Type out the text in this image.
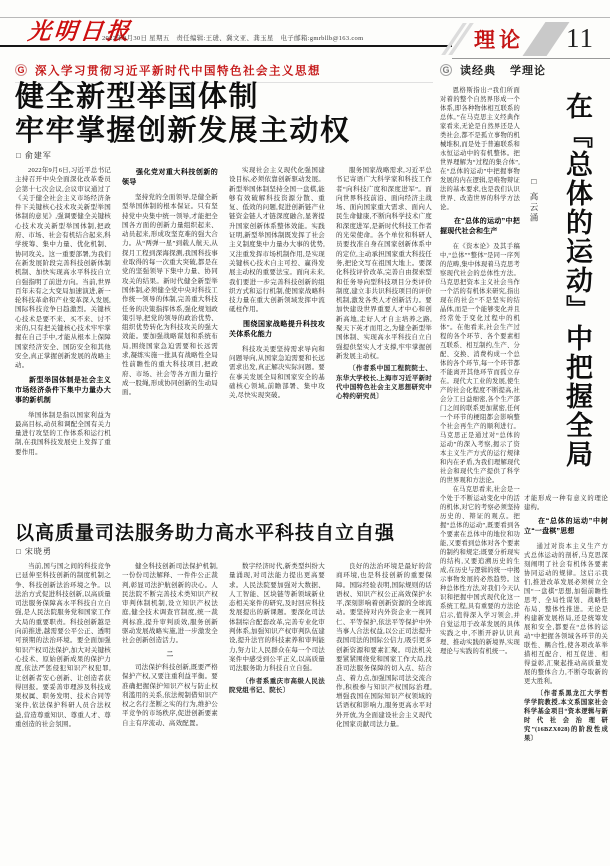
光明日报
2022年9月30日 星期五　责任编辑:王琎、冀文亚、龚玉星　电子邮箱:gmrbllb@163.com	理论 11
G 深入学习贯彻习近平新时代中国特色社会主义思想
健全新型举国体制
牢牢掌握创新发展主动权
□ 俞建军

2022年9月6日,习近平总书记主持召开中央全面深化改革委员会第十七次会议,会议审议通过了《关于健全社会主义市场经济条件下关键核心技术攻关新型举国体制的意见》,强调要健全关键核心技术攻关新型举国体制,把政府、市场、社会有机结合起来,科学统筹、集中力量、优化机制、协同攻关。这一重要部署,为我们在新发展阶段完善科技创新体制机制、加快实现高水平科技自立自强指明了前进方向。当前,世界百年未有之大变局加速演进,新一轮科技革命和产业变革深入发展,国际科技竞争日趋激烈。关键核心技术是要不来、买不来、讨不来的,只有把关键核心技术牢牢掌握在自己手中,才能从根本上保障国家经济安全、国防安全和其他安全,真正掌握创新发展的战略主动。

新型举国体制是社会主义市场经济条件下集中力量办大事的新机制

举国体制是指以国家利益为最高目标,动员和调配全国有关力量进行攻坚的工作体系和运行机制,在我国科技发展史上发挥了重要作用。

强化党对重大科技创新的领导

坚持党的全面领导,是健全新型举国体制的根本保证。只有坚持党中央集中统一领导,才能把全国各方面的创新力量组织起来、动员起来,形成攻坚克难的强大合力。从“两弹一星”到载人航天,从探月工程到深海探测,我国科技事业取得的每一次重大突破,都是在党的坚强领导下集中力量、协同攻关的结果。新时代健全新型举国体制,必须健全党中央对科技工作统一领导的体制,完善重大科技任务的决策指挥体系,强化规划政策引导,把党的领导的政治优势、组织优势转化为科技攻关的强大效能。要加强战略谋划和系统布局,围绕国家急迫需要和长远需求,凝练实施一批具有战略性全局性前瞻性的重大科技项目,把政府、市场、社会等各方面力量拧成一股绳,形成协同创新的生动局面。

实现社会主义现代化强国建设目标,必须依靠创新驱动发展。新型举国体制坚持全国一盘棋,能够有效破解科技资源分散、重复、低效的问题,促进创新链产业链资金链人才链深度融合,显著提升国家创新体系整体效能。实践证明,新型举国体制既发挥了社会主义制度集中力量办大事的优势,又注重发挥市场机制作用,是实现关键核心技术自主可控、赢得发展主动权的重要法宝。面向未来,我们要进一步完善科技创新的组织方式和运行机制,使国家战略科技力量在重大创新领域发挥中流砥柱作用。

围绕国家战略提升科技攻关体系化能力

科技攻关要坚持需求导向和问题导向,从国家急迫需要和长远需求出发,真正解决实际问题。要在事关发展全局和国家安全的基础核心领域,前瞻部署、集中攻关,尽快实现突破。

服务国家战略需求,习近平总书记寄语广大科学家和科技工作者“向科技广度和深度进军”。面向世界科技前沿、面向经济主战场、面向国家重大需求、面向人民生命健康,不断向科学技术广度和深度进军,是新时代科技工作者的光荣使命。各个单位和科研人员要找准自身在国家创新体系中的定位,主动承担国家重大科技任务,把论文写在祖国大地上。要深化科技评价改革,完善自由探索型和任务导向型科技项目分类评价制度,建立非共识科技项目的评价机制,激发各类人才创新活力。要加快建设世界重要人才中心和创新高地,走好人才自主培养之路,聚天下英才而用之,为健全新型举国体制、实现高水平科技自立自强提供坚实人才支撑,牢牢掌握创新发展主动权。

〔作者系中国工程院院士、东华大学校长,上海市习近平新时代中国特色社会主义思想研究中心特约研究员〕

以高质量司法服务助力高水平科技自立自强
□ 宋晓勇

当前,国与国之间的科技竞争已延伸至科技创新的制度机制之争、科技创新法治环境之争。以法治方式促进科技创新,以高质量司法服务保障高水平科技自立自强,是人民法院服务党和国家工作大局的重要职责。科技创新越是向前推进,越需要公平公正、透明可预期的法治环境。要全面加强知识产权司法保护,加大对关键核心技术、原始创新成果的保护力度,依法严惩侵犯知识产权犯罪,让创新者安心创新、让创造者获得回报。要妥善审理涉及科技成果权属、职务发明、技术合同等案件,依法保护科研人员合法权益,营造尊重知识、尊重人才、尊重创造的社会氛围。

健全科技创新司法保护机制,一份份司法解释、一件件公正裁判,彰显司法护航创新的决心。人民法院不断完善技术类知识产权审判体制机制,设立知识产权法庭,健全技术调查官制度,统一裁判标准,提升审判质效,服务创新驱动发展战略实施,进一步激发全社会创新创造活力。

二

司法保护科技创新,既要严格保护产权,又要注重利益平衡。要准确把握保护知识产权与防止权利滥用的关系,依法规制借知识产权之名行垄断之实的行为,维护公平竞争的市场秩序,促进创新要素自主有序流动、高效配置。

数字经济时代,新类型纠纷大量涌现,对司法能力提出更高要求。人民法院要加强对大数据、人工智能、区块链等新领域新业态相关案件的研究,及时回应科技发展提出的新课题。要深化司法体制综合配套改革,完善专业化审判体系,加强知识产权审判队伍建设,提升法官的科技素养和审判能力,努力让人民群众在每一个司法案件中感受到公平正义,以高质量司法服务助力科技自立自强。

〔作者系重庆市高级人民法院党组书记、院长〕

良好的法治环境是最好的营商环境,也是科技创新的重要保障。国际经验表明,国际规则的话语权、知识产权公正高效保护水平,深刻影响着创新资源的全球流动。要坚持对内外资企业一视同仁、平等保护,依法平等保护中外当事人合法权益,以公正司法提升我国司法的国际公信力,吸引更多创新资源和要素汇聚。司法机关要紧紧围绕党和国家工作大局,找准司法服务保障的切入点、结合点、着力点,加强国际司法交流合作,积极参与知识产权国际治理,增强我国在国际知识产权领域的话语权和影响力,服务更高水平对外开放,为全面建设社会主义现代化国家贡献司法力量。

G 读经典 学理论

恩格斯指出:“我们所面对着的整个自然界形成一个体系,即各种物体相互联系的总体。”在马克思主义经典作家看来,无论是自然界还是人类社会,都不是孤立事物的机械堆积,而是处于普遍联系和永恒运动中的有机整体。把世界理解为“过程的集合体”,在“总体的运动”中把握事物发展的内在逻辑,是唯物辩证法的基本要求,也是我们认识世界、改造世界的科学方法论。

在“总体的运动”中把握现代社会和生产

在《资本论》及其手稿中,“总体”“整体”是同一序列的范畴,集中体现着马克思考察现代社会的总体性方法。马克思把资本主义社会当作一个活的有机体来研究,指出现在的社会“不是坚实的结晶体,而是一个能够变化并且经常处于变化过程中的机体”。在他看来,社会生产过程的各个环节、各个要素相互联系、相互制约,生产、分配、交换、消费构成一个总体的各个环节,每一个环节都不能离开其他环节而孤立存在。现代大工业的发展,使生产的社会化程度不断提高,社会分工日益细密,各个生产部门之间的联系更加紧密,任何一个环节的梗阻都会影响整个社会再生产的顺利进行。马克思正是通过对“总体的运动”的深入考察,揭示了资本主义生产方式的运行规律和内在矛盾,为我们理解现代社会和现代生产提供了科学的世界观和方法论。

在马克思看来,社会是一个处于不断运动变化中的活的机体,对它的考察必须坚持历史的、辩证的观点。把握“总体的运动”,既要看到各个要素在总体中的地位和功能,又要看到总体对各个要素的制约和规定;既要分析现实的结构,又要追溯历史的生成,在历史与逻辑的统一中揭示事物发展的必然趋势。这种总体性方法,对我们今天认识和把握中国式现代化这一系统工程,具有重要的方法论启示,值得深入学习领会,并自觉运用于改革发展的具体实践之中,不断开辟认识真理、推动实践的新境界,实现理论与实践的有机统一。

在『总体的运动』中把握全局
□ 高云涌

才能形成一种有意义的理论建构。

在“总体的运动”中树立“一盘棋”思想

通过对资本主义生产方式总体运动的剖析,马克思深刻阐明了社会有机体各要素协同运动的规律。这启示我们,推进改革发展必须树立全国“一盘棋”思想,加强前瞻性思考、全局性谋划、战略性布局、整体性推进。无论是构建新发展格局,还是统筹发展和安全,都要在“总体的运动”中把握各领域各环节的关联性、耦合性,使各项改革举措相互配合、相互促进、相得益彰,汇聚起推动高质量发展的整体合力,不断夺取新的更大胜利。

〔作者系黑龙江大学哲学学院教授,本文系国家社会科学基金项目“资本逻辑与新时代社会治理研究”(16BZX028)的阶段性成果〕
